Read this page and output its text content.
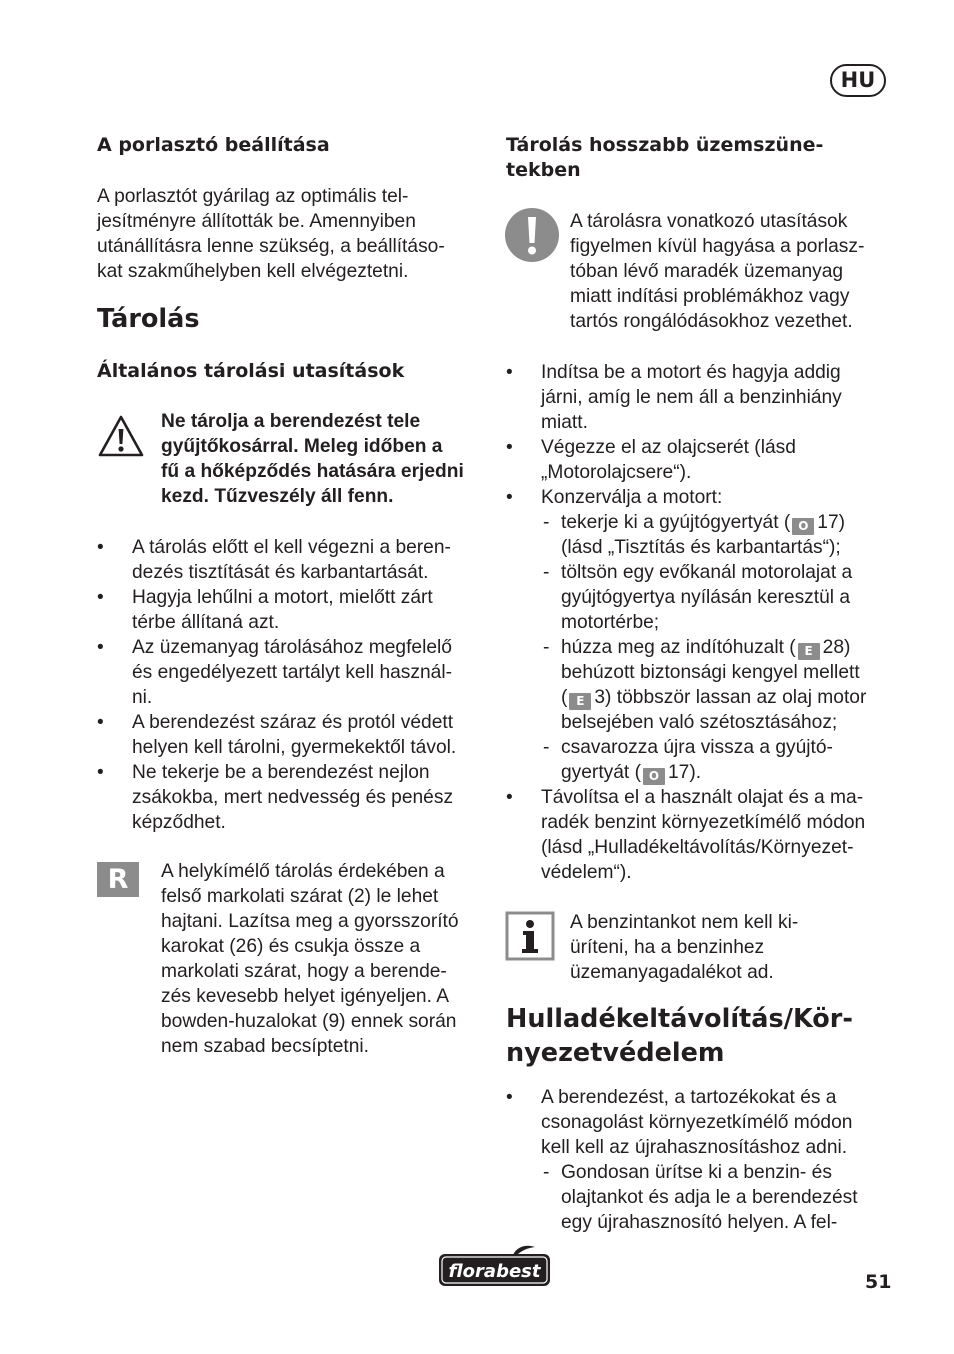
HU
A porlasztó beállítása

A porlasztót gyárilag az optimális tel-
jesítményre állították be. Amennyiben
utánállításra lenne szükség, a beállításo-
kat szakműhelyben kell elvégeztetni.

Tárolás
Általános tárolási utasítások

Ne tárolja a berendezést tele
gyűjtőkosárral. Meleg időben a
fű a hőképződés hatására erjedni
kezd. Tűzveszély áll fenn.

• A tárolás előtt el kell végezni a beren-
dezés tisztítását és karbantartását.
• Hagyja lehűlni a motort, mielőtt zárt
térbe állítaná azt.
• Az üzemanyag tárolásához megfelelő
és engedélyezett tartályt kell használ-
ni.
• A berendezést száraz és protól védett
helyen kell tárolni, gyermekektől távol.
• Ne tekerje be a berendezést nejlon
zsákokba, mert nedvesség és penész
képződhet.
R	A helykímélő tárolás érdekében a
felső markolati szárat (2) le lehet
hajtani. Lazítsa meg a gyorsszorító
karokat (26) és csukja össze a
markolati szárat, hogy a berende-
zés kevesebb helyet igényeljen. A
bowden-huzalokat (9) ennek során
nem szabad becsíptetni.

Tárolás hosszabb üzemszüne-
tekben

A tárolásra vonatkozó utasítások
figyelmen kívül hagyása a porlasz-
tóban lévő maradék üzemanyag
miatt indítási problémákhoz vagy
tartós rongálódásokhoz vezethet.

• Indítsa be a motort és hagyja addig
járni, amíg le nem áll a benzinhiány
miatt.
• Végezze el az olajcserét (lásd
„Motorolajcsere“).
• Konzerválja a motort:
- tekerje ki a gyújtógyertyát ( O 17)
(lásd „Tisztítás és karbantartás“);
- töltsön egy evőkanál motorolajat a
gyújtógyertya nyílásán keresztül a
motortérbe;
- húzza meg az indítóhuzalt ( E 28)
behúzott biztonsági kengyel mellett
( E 3) többször lassan az olaj motor
belsejében való szétosztásához;
- csavarozza újra vissza a gyújtó-
gyertyát ( O 17).
• Távolítsa el a használt olajat és a ma-
radék benzint környezetkímélő módon
(lásd „Hulladékeltávolítás/Környezet-
védelem“).

A benzintankot nem kell ki-
üríteni, ha a benzinhez
üzemanyagadalékot ad.

Hulladékeltávolítás/Kör-
nyezetvédelem
• A berendezést, a tartozékokat és a
csonagolást környezetkímélő módon
kell kell az újrahasznosításhoz adni.
- Gondosan ürítse ki a benzin- és
olajtankot és adja le a berendezést
egy újrahasznosító helyen. A fel-
florabest	51
